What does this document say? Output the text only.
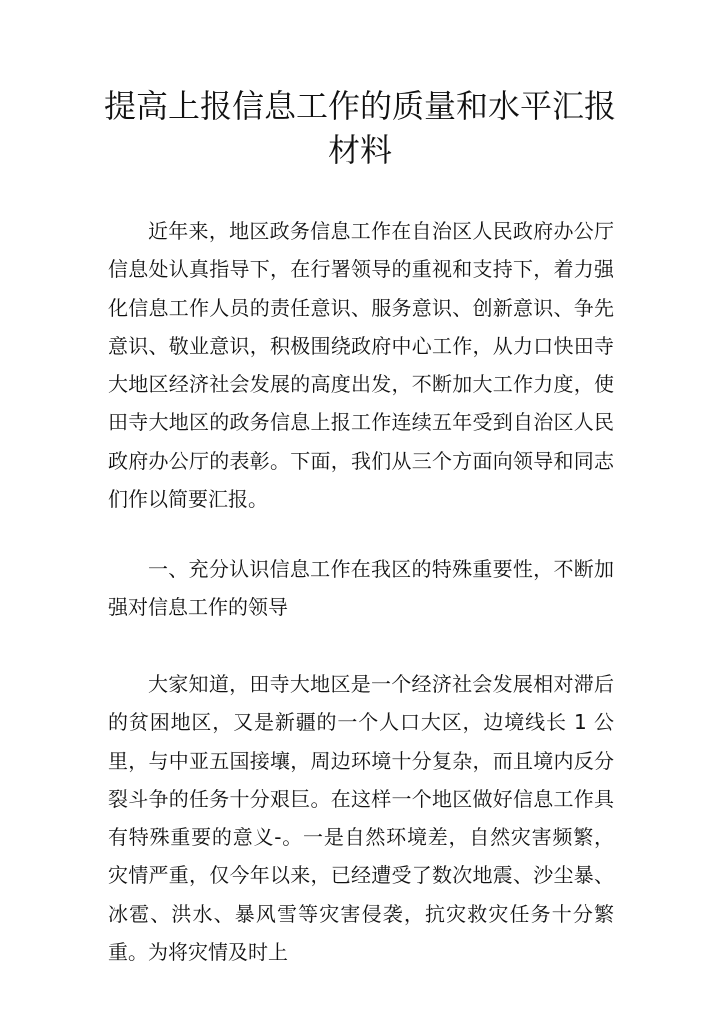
提高上报信息工作的质量和水平汇报材料

近年来，地区政务信息工作在自治区人民政府办公厅信息处认真指导下，在行署领导的重视和支持下，着力强化信息工作人员的责任意识、服务意识、创新意识、争先意识、敬业意识，积极围绕政府中心工作，从力口快田寺大地区经济社会发展的高度出发，不断加大工作力度，使田寺大地区的政务信息上报工作连续五年受到自治区人民政府办公厅的表彰。下面，我们从三个方面向领导和同志们作以简要汇报。

一、充分认识信息工作在我区的特殊重要性，不断加强对信息工作的领导

大家知道，田寺大地区是一个经济社会发展相对滞后的贫困地区，又是新疆的一个人口大区，边境线长 1 公里，与中亚五国接壤，周边环境十分复杂，而且境内反分裂斗争的任务十分艰巨。在这样一个地区做好信息工作具有特殊重要的意义-。一是自然环境差，自然灾害频繁，灾情严重，仅今年以来，已经遭受了数次地震、沙尘暴、冰雹、洪水、暴风雪等灾害侵袭，抗灾救灾任务十分繁重。为将灾情及时上
